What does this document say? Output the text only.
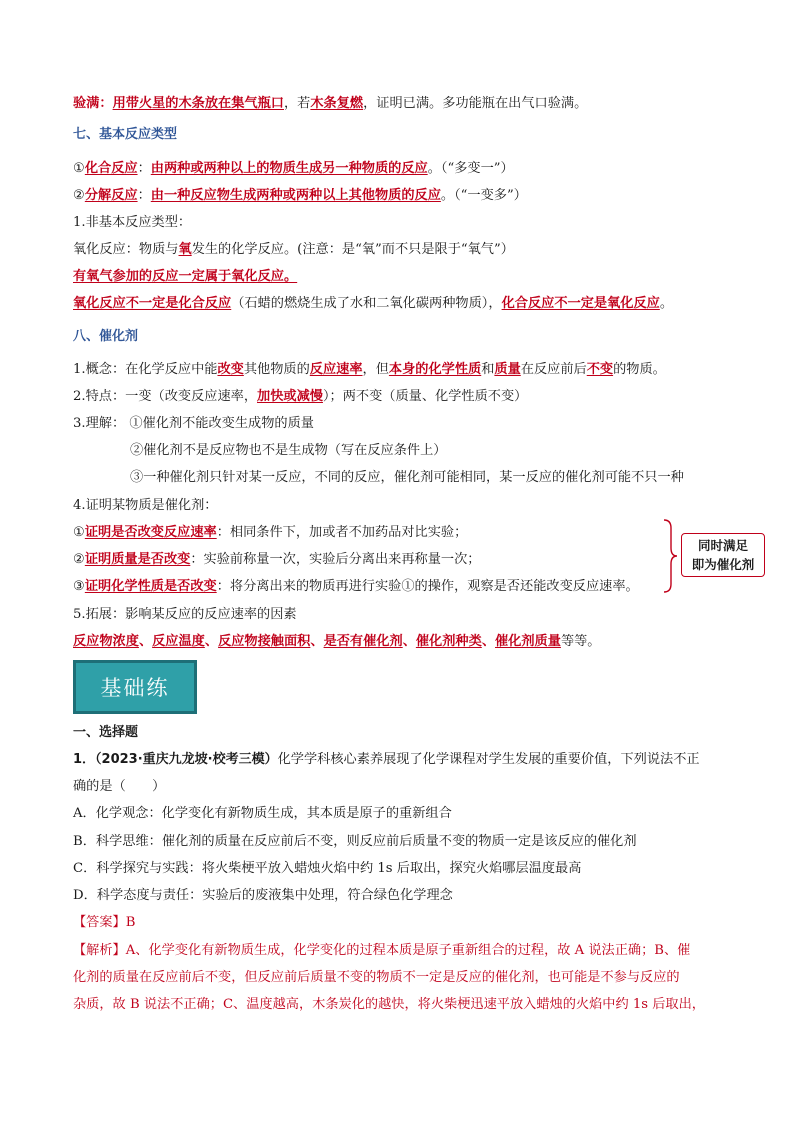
验满：用带火星的木条放在集气瓶口，若木条复燃，证明已满。多功能瓶在出气口验满。
七、基本反应类型
①化合反应：由两种或两种以上的物质生成另一种物质的反应。（“多变一”）
②分解反应：由一种反应物生成两种或两种以上其他物质的反应。（“一变多”）
1.非基本反应类型：
氧化反应：物质与氧发生的化学反应。(注意：是“氧”而不只是限于“氧气”）
有氧气参加的反应一定属于氧化反应。
氧化反应不一定是化合反应（石蜡的燃烧生成了水和二氧化碳两种物质），化合反应不一定是氧化反应。
八、催化剂
1.概念：在化学反应中能改变其他物质的反应速率，但本身的化学性质和质量在反应前后不变的物质。
2.特点：一变（改变反应速率，加快或减慢）；两不变（质量、化学性质不变）
3.理解： ①催化剂不能改变生成物的质量
②催化剂不是反应物也不是生成物（写在反应条件上）
③一种催化剂只针对某一反应，不同的反应，催化剂可能相同，某一反应的催化剂可能不只一种
4.证明某物质是催化剂：
①证明是否改变反应速率：相同条件下，加或者不加药品对比实验；
②证明质量是否改变：实验前称量一次，实验后分离出来再称量一次；
③证明化学性质是否改变：将分离出来的物质再进行实验①的操作，观察是否还能改变反应速率。
同时满足
即为催化剂
5.拓展：影响某反应的反应速率的因素
反应物浓度、反应温度、反应物接触面积、是否有催化剂、催化剂种类、催化剂质量等等。
基础练
一、选择题
1．（2023·重庆九龙坡·校考三模）化学学科核心素养展现了化学课程对学生发展的重要价值，下列说法不正
确的是（　　）
A．化学观念：化学变化有新物质生成，其本质是原子的重新组合
B．科学思维：催化剂的质量在反应前后不变，则反应前后质量不变的物质一定是该反应的催化剂
C．科学探究与实践：将火柴梗平放入蜡烛火焰中约 1s 后取出，探究火焰哪层温度最高
D．科学态度与责任：实验后的废液集中处理，符合绿色化学理念
【答案】B
【解析】A、化学变化有新物质生成，化学变化的过程本质是原子重新组合的过程，故 A 说法正确；B、催
化剂的质量在反应前后不变，但反应前后质量不变的物质不一定是反应的催化剂，也可能是不参与反应的
杂质，故 B 说法不正确；C、温度越高，木条炭化的越快，将火柴梗迅速平放入蜡烛的火焰中约 1s 后取出，
